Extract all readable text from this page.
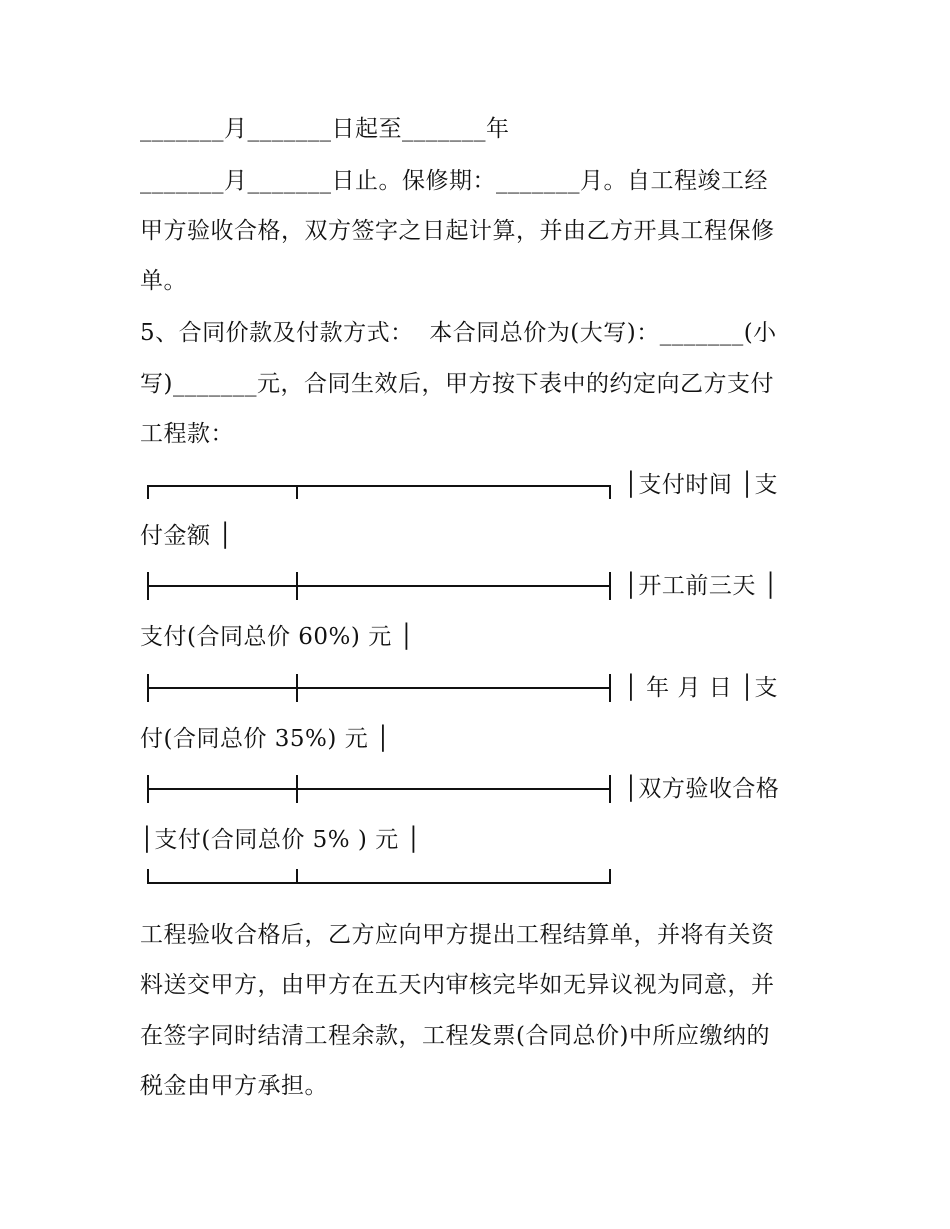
_______月_______日起至_______年
_______月_______日止。保修期：_______月。自工程竣工经
甲方验收合格，双方签字之日起计算，并由乙方开具工程保修
单。
5、合同价款及付款方式：  本合同总价为(大写)：_______(小
写)_______元，合同生效后，甲方按下表中的约定向乙方支付
工程款：
│支付时间 │支
付金额 │
│开工前三天 │
支付(合同总价 60%) 元 │
│ 年 月 日 │支
付(合同总价 35%) 元 │
│双方验收合格
│支付(合同总价 5% ) 元 │
工程验收合格后，乙方应向甲方提出工程结算单，并将有关资
料送交甲方，由甲方在五天内审核完毕如无异议视为同意，并
在签字同时结清工程余款，工程发票(合同总价)中所应缴纳的
税金由甲方承担。
